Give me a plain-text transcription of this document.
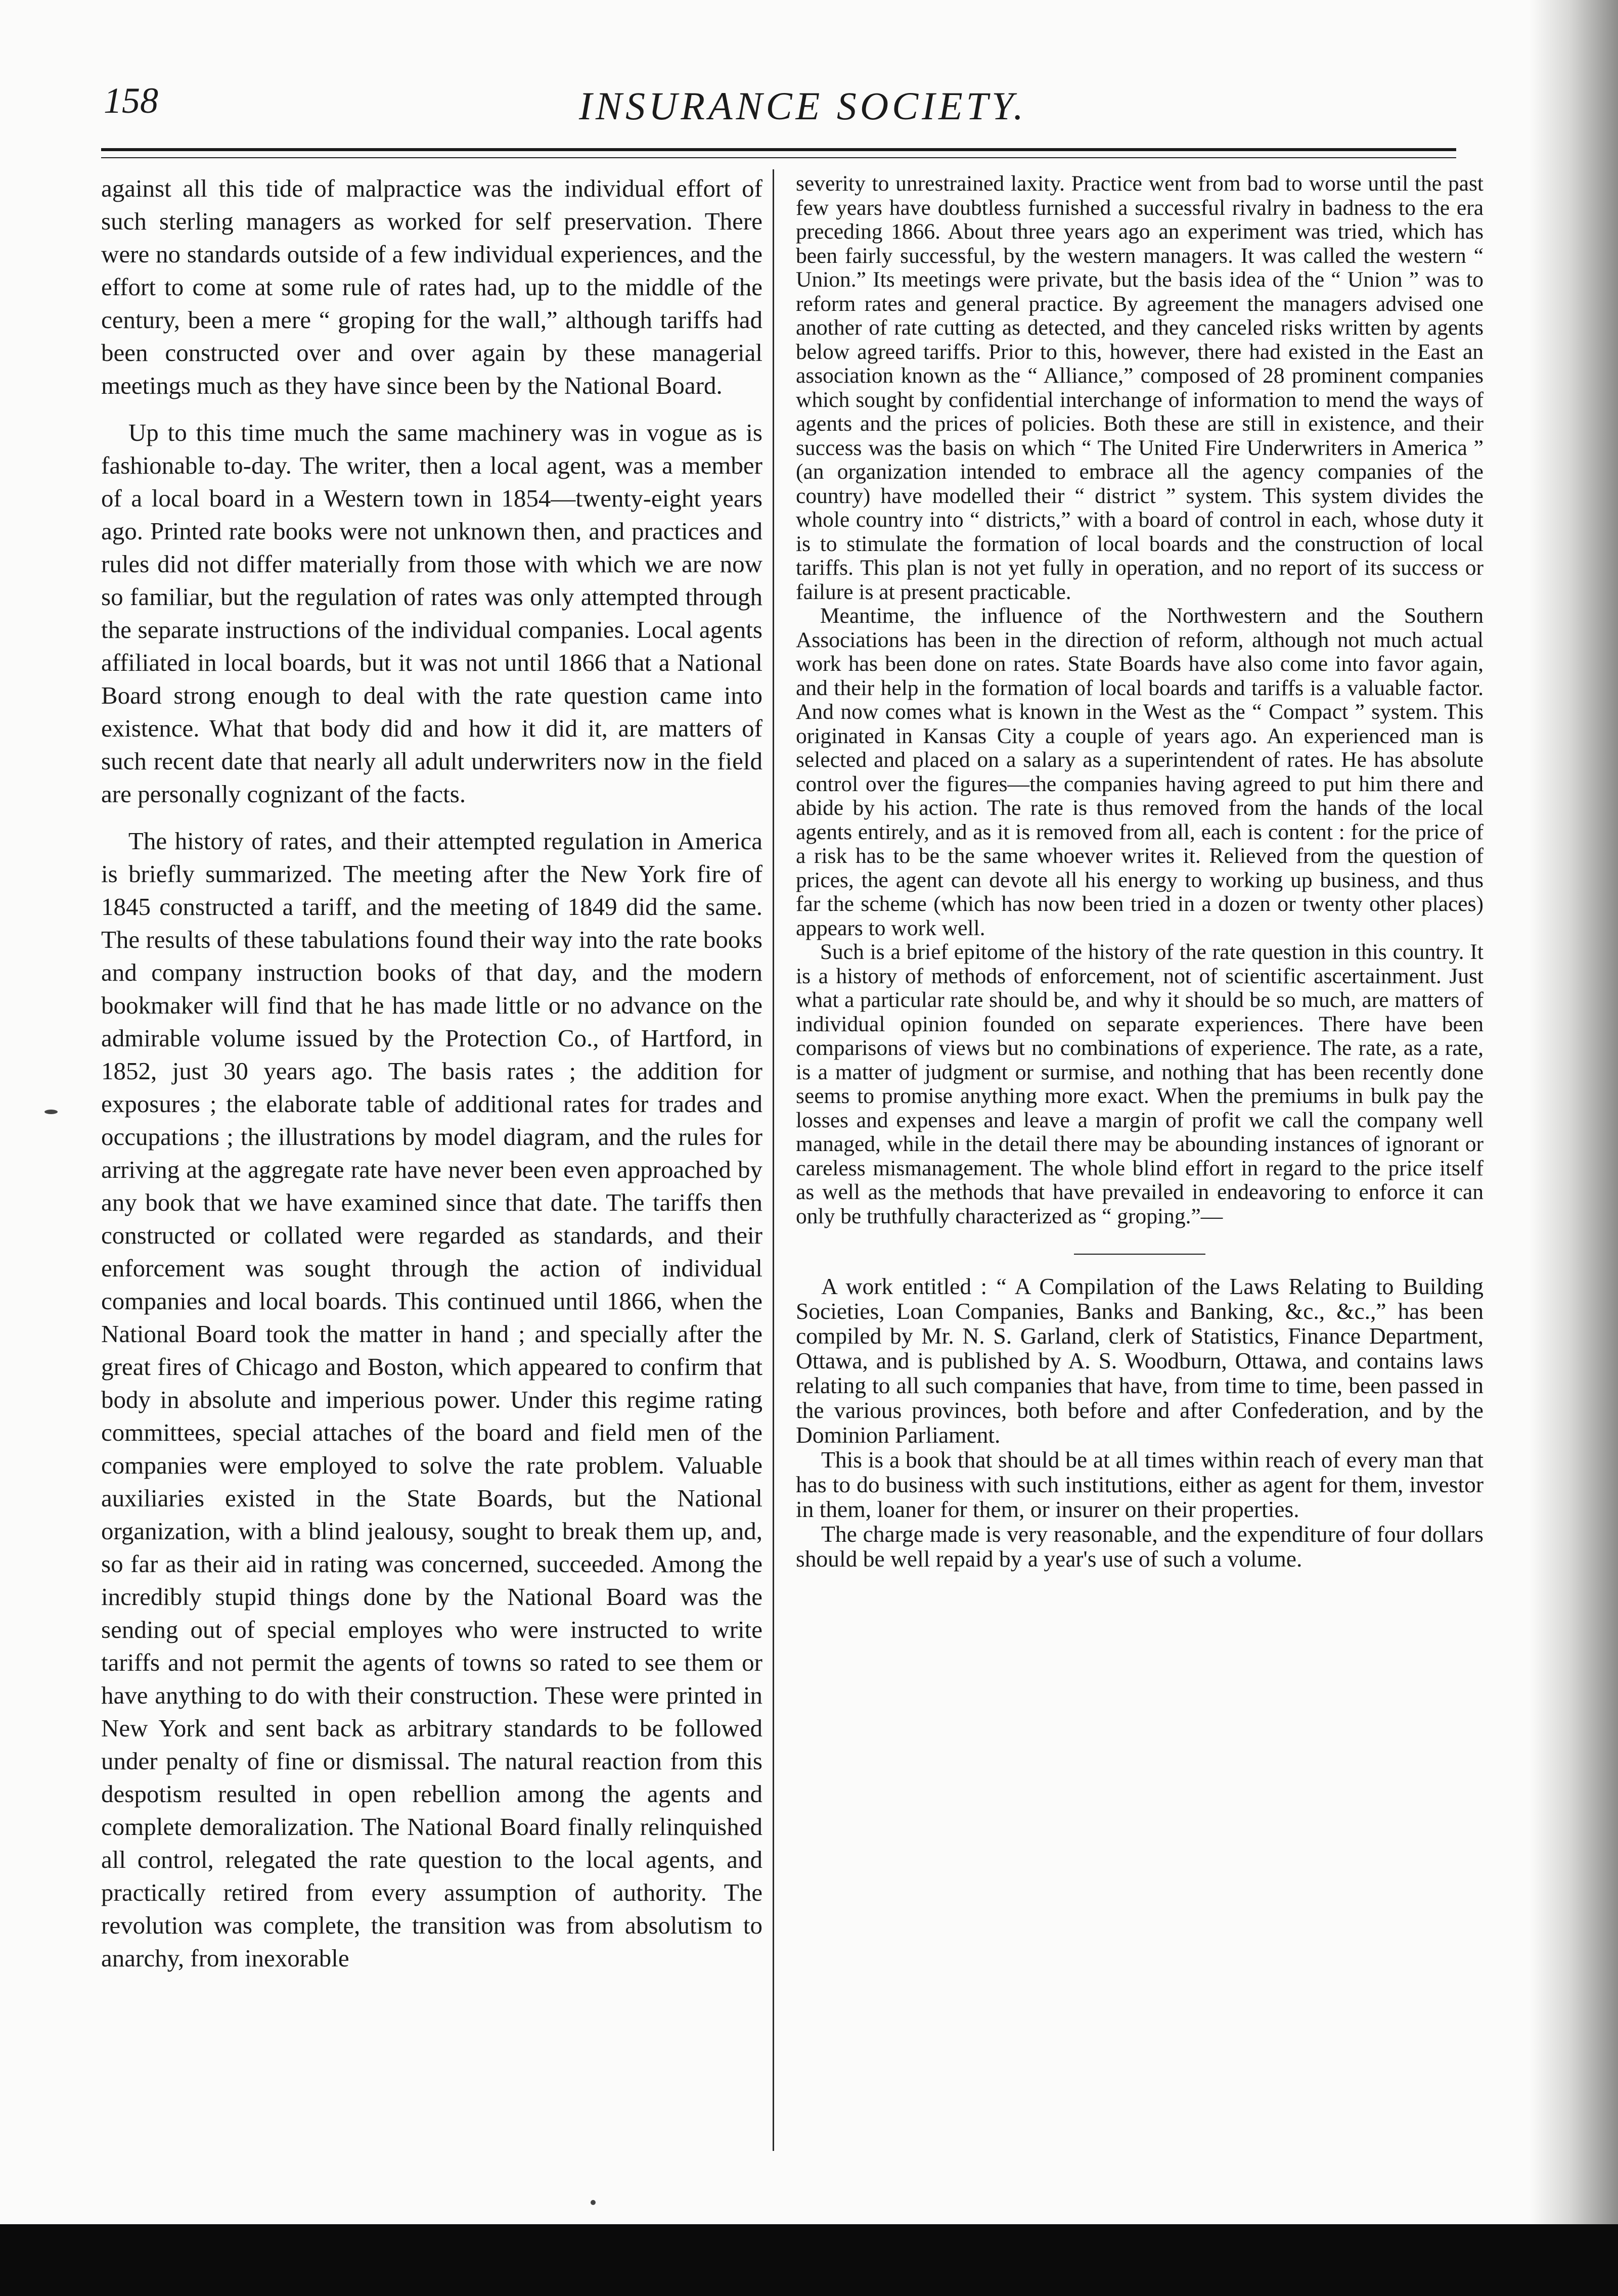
158	INSURANCE SOCIETY.

against all this tide of malpractice was the individual effort of such sterling managers as worked for self preservation. There were no standards outside of a few individual experiences, and the effort to come at some rule of rates had, up to the middle of the century, been a mere “ groping for the wall,” although tariffs had been constructed over and over again by these managerial meetings much as they have since been by the National Board.

Up to this time much the same machinery was in vogue as is fashionable to-day. The writer, then a local agent, was a member of a local board in a Western town in 1854—twenty-eight years ago. Printed rate books were not unknown then, and practices and rules did not differ materially from those with which we are now so familiar, but the regulation of rates was only attempted through the separate instructions of the individual companies. Local agents affiliated in local boards, but it was not until 1866 that a National Board strong enough to deal with the rate question came into existence. What that body did and how it did it, are matters of such recent date that nearly all adult underwriters now in the field are personally cognizant of the facts.

The history of rates, and their attempted regulation in America is briefly summarized. The meeting after the New York fire of 1845 constructed a tariff, and the meeting of 1849 did the same. The results of these tabulations found their way into the rate books and company instruction books of that day, and the modern bookmaker will find that he has made little or no advance on the admirable volume issued by the Protection Co., of Hartford, in 1852, just 30 years ago. The basis rates ; the addition for exposures ; the elaborate table of additional rates for trades and occupations ; the illustrations by model diagram, and the rules for arriving at the aggregate rate have never been even approached by any book that we have examined since that date. The tariffs then constructed or collated were regarded as standards, and their enforcement was sought through the action of individual companies and local boards. This continued until 1866, when the National Board took the matter in hand ; and specially after the great fires of Chicago and Boston, which appeared to confirm that body in absolute and imperious power. Under this regime rating committees, special attaches of the board and field men of the companies were employed to solve the rate problem. Valuable auxiliaries existed in the State Boards, but the National organization, with a blind jealousy, sought to break them up, and, so far as their aid in rating was concerned, succeeded. Among the incredibly stupid things done by the National Board was the sending out of special employes who were instructed to write tariffs and not permit the agents of towns so rated to see them or have anything to do with their construction. These were printed in New York and sent back as arbitrary standards to be followed under penalty of fine or dismissal. The natural reaction from this despotism resulted in open rebellion among the agents and complete demoralization. The National Board finally relinquished all control, relegated the rate question to the local agents, and practically retired from every assumption of authority. The revolution was complete, the transition was from absolutism to anarchy, from inexorable

severity to unrestrained laxity. Practice went from bad to worse until the past few years have doubtless furnished a successful rivalry in badness to the era preceding 1866. About three years ago an experiment was tried, which has been fairly successful, by the western managers. It was called the western “ Union.” Its meetings were private, but the basis idea of the “ Union ” was to reform rates and general practice. By agreement the managers advised one another of rate cutting as detected, and they canceled risks written by agents below agreed tariffs. Prior to this, however, there had existed in the East an association known as the “ Alliance,” composed of 28 prominent companies which sought by confidential interchange of information to mend the ways of agents and the prices of policies. Both these are still in existence, and their success was the basis on which “ The United Fire Underwriters in America ” (an organization intended to embrace all the agency companies of the country) have modelled their “ district ” system. This system divides the whole country into “ districts,” with a board of control in each, whose duty it is to stimulate the formation of local boards and the construction of local tariffs. This plan is not yet fully in operation, and no report of its success or failure is at present practicable.

Meantime, the influence of the Northwestern and the Southern Associations has been in the direction of reform, although not much actual work has been done on rates. State Boards have also come into favor again, and their help in the formation of local boards and tariffs is a valuable factor. And now comes what is known in the West as the “ Compact ” system. This originated in Kansas City a couple of years ago. An experienced man is selected and placed on a salary as a superintendent of rates. He has absolute control over the figures—the companies having agreed to put him there and abide by his action. The rate is thus removed from the hands of the local agents entirely, and as it is removed from all, each is content : for the price of a risk has to be the same whoever writes it. Relieved from the question of prices, the agent can devote all his energy to working up business, and thus far the scheme (which has now been tried in a dozen or twenty other places) appears to work well.

Such is a brief epitome of the history of the rate question in this country. It is a history of methods of enforcement, not of scientific ascertainment. Just what a particular rate should be, and why it should be so much, are matters of individual opinion founded on separate experiences. There have been comparisons of views but no combinations of experience. The rate, as a rate, is a matter of judgment or surmise, and nothing that has been recently done seems to promise anything more exact. When the premiums in bulk pay the losses and expenses and leave a margin of profit we call the company well managed, while in the detail there may be abounding instances of ignorant or careless mismanagement. The whole blind effort in regard to the price itself as well as the methods that have prevailed in endeavoring to enforce it can only be truthfully characterized as “ groping.”—

A work entitled : “ A Compilation of the Laws Relating to Building Societies, Loan Companies, Banks and Banking, &c., &c.,” has been compiled by Mr. N. S. Garland, clerk of Statistics, Finance Department, Ottawa, and is published by A. S. Woodburn, Ottawa, and contains laws relating to all such companies that have, from time to time, been passed in the various provinces, both before and after Confederation, and by the Dominion Parliament.

This is a book that should be at all times within reach of every man that has to do business with such institutions, either as agent for them, investor in them, loaner for them, or insurer on their properties.

The charge made is very reasonable, and the expenditure of four dollars should be well repaid by a year's use of such a volume.
